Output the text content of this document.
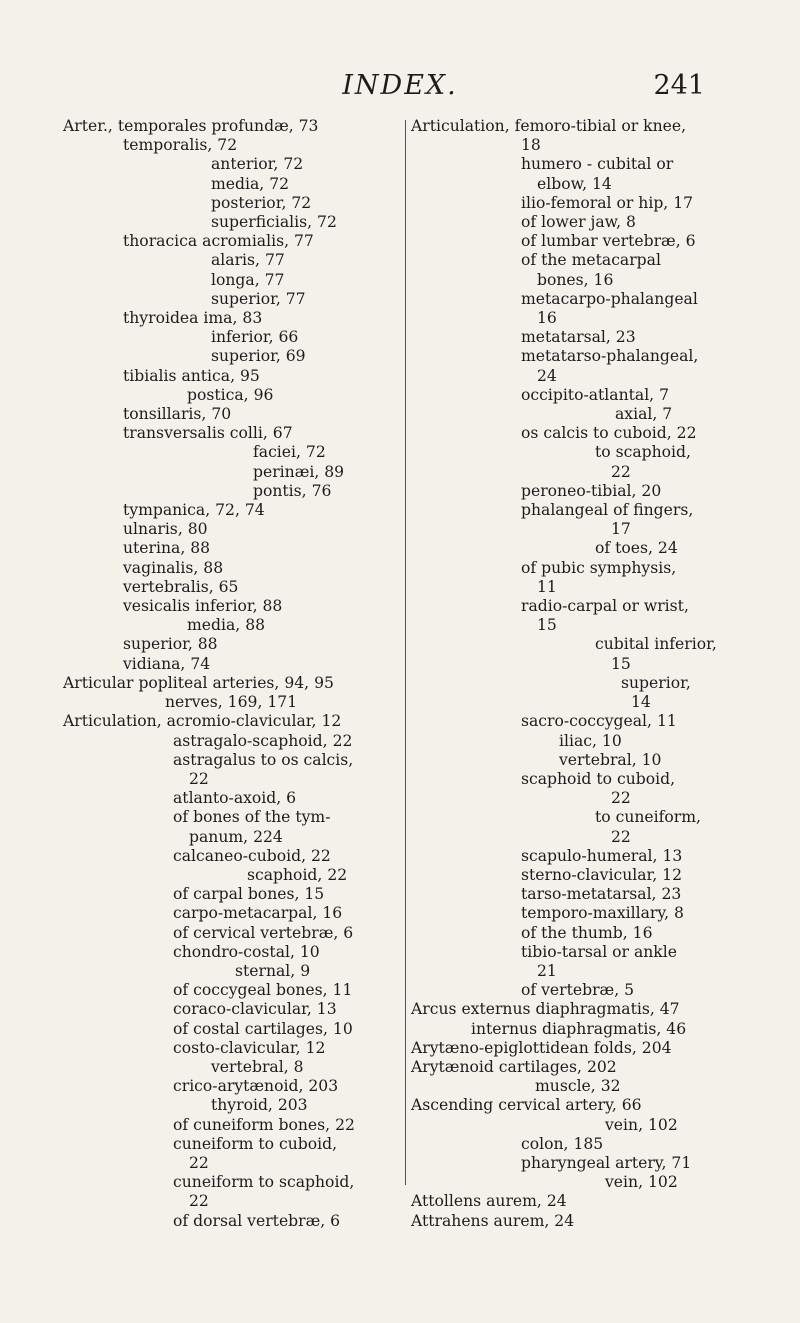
INDEX.	241
Arter., temporales profundæ, 73
temporalis, 72
anterior, 72
media, 72
posterior, 72
superficialis, 72
thoracica acromialis, 77
alaris, 77
longa, 77
superior, 77
thyroidea ima, 83
inferior, 66
superior, 69
tibialis antica, 95
postica, 96
tonsillaris, 70
transversalis colli, 67
faciei, 72
perinæi, 89
pontis, 76
tympanica, 72, 74
ulnaris, 80
uterina, 88
vaginalis, 88
vertebralis, 65
vesicalis inferior, 88
media, 88
superior, 88
vidiana, 74
Articular popliteal arteries, 94, 95
nerves, 169, 171
Articulation, acromio-clavicular, 12
astragalo-scaphoid, 22
astragalus to os calcis,
22
atlanto-axoid, 6
of bones of the tym-
panum, 224
calcaneo-cuboid, 22
scaphoid, 22
of carpal bones, 15
carpo-metacarpal, 16
of cervical vertebræ, 6
chondro-costal, 10
sternal, 9
of coccygeal bones, 11
coraco-clavicular, 13
of costal cartilages, 10
costo-clavicular, 12
vertebral, 8
crico-arytænoid, 203
thyroid, 203
of cuneiform bones, 22
cuneiform to cuboid,
22
cuneiform to scaphoid,
22
of dorsal vertebræ, 6
Articulation, femoro-tibial or knee,
18
humero - cubital or
elbow, 14
ilio-femoral or hip, 17
of lower jaw, 8
of lumbar vertebræ, 6
of the metacarpal
bones, 16
metacarpo-phalangeal
16
metatarsal, 23
metatarso-phalangeal,
24
occipito-atlantal, 7
axial, 7
os calcis to cuboid, 22
to scaphoid,
22
peroneo-tibial, 20
phalangeal of fingers,
17
of toes, 24
of pubic symphysis,
11
radio-carpal or wrist,
15
cubital inferior,
15
superior,
14
sacro-coccygeal, 11
iliac, 10
vertebral, 10
scaphoid to cuboid,
22
to cuneiform,
22
scapulo-humeral, 13
sterno-clavicular, 12
tarso-metatarsal, 23
temporo-maxillary, 8
of the thumb, 16
tibio-tarsal or ankle
21
of vertebræ, 5
Arcus externus diaphragmatis, 47
internus diaphragmatis, 46
Arytæno-epiglottidean folds, 204
Arytænoid cartilages, 202
muscle, 32
Ascending cervical artery, 66
vein, 102
colon, 185
pharyngeal artery, 71
vein, 102
Attollens aurem, 24
Attrahens aurem, 24
